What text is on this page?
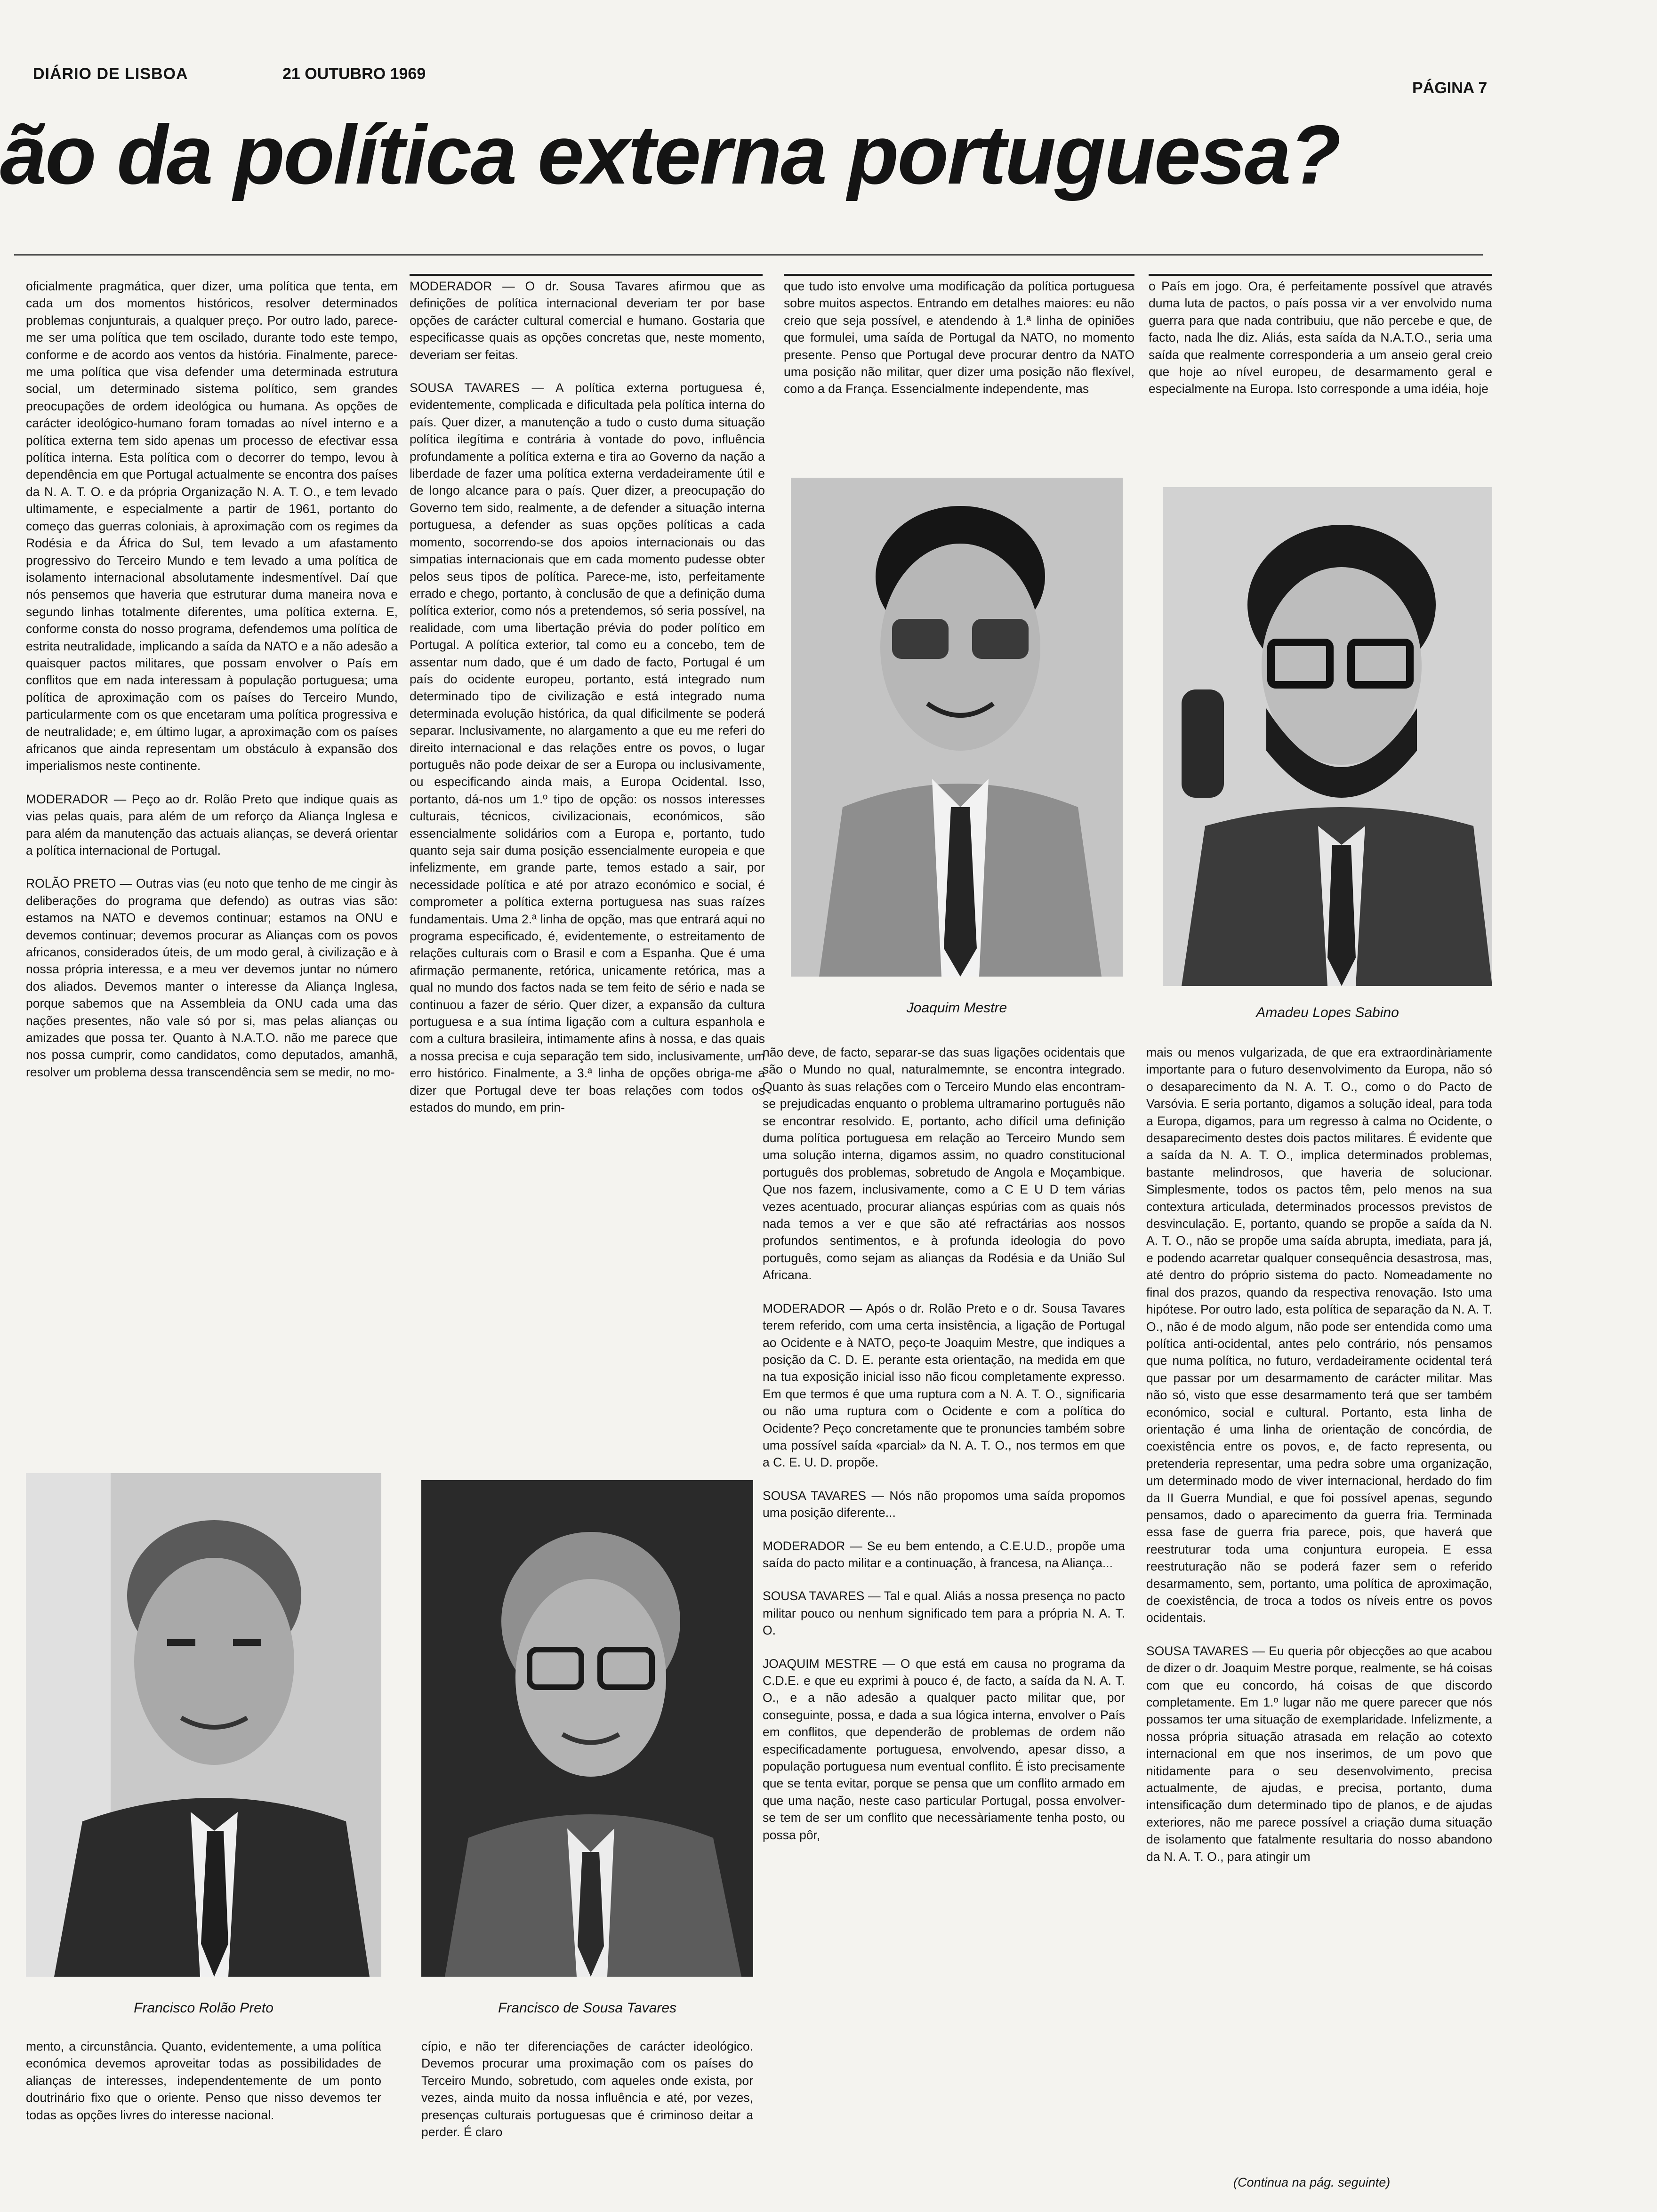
DIÁRIO DE LISBOA	21 OUTUBRO 1969
PÁGINA 7
ão da política externa portuguesa?

oficialmente pragmática, quer dizer, uma política que tenta, em cada um dos momentos históricos, resolver determinados problemas conjunturais, a qualquer preço. Por outro lado, parece-me ser uma política que tem oscilado, durante todo este tempo, conforme e de acordo aos ventos da história. Finalmente, parece-me uma política que visa defender uma determinada estrutura social, um determinado sistema político, sem grandes preocupações de ordem ideológica ou humana. As opções de carácter ideológico-humano foram tomadas ao nível interno e a política externa tem sido apenas um processo de efectivar essa política interna. Esta política com o decorrer do tempo, levou à dependência em que Portugal actualmente se encontra dos países da N. A. T. O. e da própria Organização N. A. T. O., e tem levado ultimamente, e especialmente a partir de 1961, portanto do começo das guerras coloniais, à aproximação com os regimes da Rodésia e da África do Sul, tem levado a um afastamento progressivo do Terceiro Mundo e tem levado a uma política de isolamento internacional absolutamente indesmentível. Daí que nós pensemos que haveria que estruturar duma maneira nova e segundo linhas totalmente diferentes, uma política externa. E, conforme consta do nosso programa, defendemos uma política de estrita neutralidade, implicando a saída da NATO e a não adesão a quaisquer pactos militares, que possam envolver o País em conflitos que em nada interessam à população portuguesa; uma política de aproximação com os países do Terceiro Mundo, particularmente com os que encetaram uma política progressiva e de neutralidade; e, em último lugar, a aproximação com os países africanos que ainda representam um obstáculo à expansão dos imperialismos neste continente.

MODERADOR — Peço ao dr. Rolão Preto que indique quais as vias pelas quais, para além de um reforço da Aliança Inglesa e para além da manutenção das actuais alianças, se deverá orientar a política internacional de Portugal.

ROLÃO PRETO — Outras vias (eu noto que tenho de me cingir às deliberações do programa que defendo) as outras vias são: estamos na NATO e devemos continuar; estamos na ONU e devemos continuar; devemos procurar as Alianças com os povos africanos, considerados úteis, de um modo geral, à civilização e à nossa própria interessa, e a meu ver devemos juntar no número dos aliados. Devemos manter o interesse da Aliança Inglesa, porque sabemos que na Assembleia da ONU cada uma das nações presentes, não vale só por si, mas pelas alianças ou amizades que possa ter. Quanto à N.A.T.O. não me parece que nos possa cumprir, como candidatos, como deputados, amanhã, resolver um problema dessa transcendência sem se medir, no mo-

MODERADOR — O dr. Sousa Tavares afirmou que as definições de política internacional deveriam ter por base opções de carácter cultural comercial e humano. Gostaria que especificasse quais as opções concretas que, neste momento, deveriam ser feitas.

SOUSA TAVARES — A política externa portuguesa é, evidentemente, complicada e dificultada pela política interna do país. Quer dizer, a manutenção a tudo o custo duma situação política ilegítima e contrária à vontade do povo, influência profundamente a política externa e tira ao Governo da nação a liberdade de fazer uma política externa verdadeiramente útil e de longo alcance para o país. Quer dizer, a preocupação do Governo tem sido, realmente, a de defender a situação interna portuguesa, a defender as suas opções políticas a cada momento, socorrendo-se dos apoios internacionais ou das simpatias internacionais que em cada momento pudesse obter pelos seus tipos de política. Parece-me, isto, perfeitamente errado e chego, portanto, à conclusão de que a definição duma política exterior, como nós a pretendemos, só seria possível, na realidade, com uma libertação prévia do poder político em Portugal. A política exterior, tal como eu a concebo, tem de assentar num dado, que é um dado de facto, Portugal é um país do ocidente europeu, portanto, está integrado num determinado tipo de civilização e está integrado numa determinada evolução histórica, da qual dificilmente se poderá separar. Inclusivamente, no alargamento a que eu me referi do direito internacional e das relações entre os povos, o lugar português não pode deixar de ser a Europa ou inclusivamente, ou especificando ainda mais, a Europa Ocidental. Isso, portanto, dá-nos um 1.º tipo de opção: os nossos interesses culturais, técnicos, civilizacionais, económicos, são essencialmente solidários com a Europa e, portanto, tudo quanto seja sair duma posição essencialmente europeia e que infelizmente, em grande parte, temos estado a sair, por necessidade política e até por atrazo económico e social, é comprometer a política externa portuguesa nas suas raízes fundamentais. Uma 2.ª linha de opção, mas que entrará aqui no programa especificado, é, evidentemente, o estreitamento de relações culturais com o Brasil e com a Espanha. Que é uma afirmação permanente, retórica, unicamente retórica, mas a qual no mundo dos factos nada se tem feito de sério e nada se continuou a fazer de sério. Quer dizer, a expansão da cultura portuguesa e a sua íntima ligação com a cultura espanhola e com a cultura brasileira, intimamente afins à nossa, e das quais a nossa precisa e cuja separação tem sido, inclusivamente, um erro histórico. Finalmente, a 3.ª linha de opções obriga-me a dizer que Portugal deve ter boas relações com todos os estados do mundo, em prin-

que tudo isto envolve uma modificação da política portuguesa sobre muitos aspectos. Entrando em detalhes maiores: eu não creio que seja possível, e atendendo à 1.ª linha de opiniões que formulei, uma saída de Portugal da NATO, no momento presente. Penso que Portugal deve procurar dentro da NATO uma posição não militar, quer dizer uma posição não flexível, como a da França. Essencialmente independente, mas

o País em jogo. Ora, é perfeitamente possível que através duma luta de pactos, o país possa vir a ver envolvido numa guerra para que nada contribuiu, que não percebe e que, de facto, nada lhe diz. Aliás, esta saída da N.A.T.O., seria uma saída que realmente corresponderia a um anseio geral creio que hoje ao nível europeu, de desarmamento geral e especialmente na Europa. Isto corresponde a uma idéia, hoje

Joaquim Mestre	Amadeu Lopes Sabino

não deve, de facto, separar-se das suas ligações ocidentais que são o Mundo no qual, naturalmemnte, se encontra integrado. Quanto às suas relações com o Terceiro Mundo elas encontram-se prejudicadas enquanto o problema ultramarino português não se encontrar resolvido. E, portanto, acho difícil uma definição duma política portuguesa em relação ao Terceiro Mundo sem uma solução interna, digamos assim, no quadro constitucional português dos problemas, sobretudo de Angola e Moçambique. Que nos fazem, inclusivamente, como a C E U D tem várias vezes acentuado, procurar alianças espúrias com as quais nós nada temos a ver e que são até refractárias aos nossos profundos sentimentos, e à profunda ideologia do povo português, como sejam as alianças da Rodésia e da União Sul Africana.

MODERADOR — Após o dr. Rolão Preto e o dr. Sousa Tavares terem referido, com uma certa insistência, a ligação de Portugal ao Ocidente e à NATO, peço-te Joaquim Mestre, que indiques a posição da C. D. E. perante esta orientação, na medida em que na tua exposição inicial isso não ficou completamente expresso. Em que termos é que uma ruptura com a N. A. T. O., significaria ou não uma ruptura com o Ocidente e com a política do Ocidente? Peço concretamente que te pronuncies também sobre uma possível saída «parcial» da N. A. T. O., nos termos em que a C. E. U. D. propõe.

SOUSA TAVARES — Nós não propomos uma saída propomos uma posição diferente...

MODERADOR — Se eu bem entendo, a C.E.U.D., propõe uma saída do pacto militar e a continuação, à francesa, na Aliança...

SOUSA TAVARES — Tal e qual. Aliás a nossa presença no pacto militar pouco ou nenhum significado tem para a própria N. A. T. O.

JOAQUIM MESTRE — O que está em causa no programa da C.D.E. e que eu exprimi à pouco é, de facto, a saída da N. A. T. O., e a não adesão a qualquer pacto militar que, por conseguinte, possa, e dada a sua lógica interna, envolver o País em conflitos, que dependerão de problemas de ordem não especificadamente portuguesa, envolvendo, apesar disso, a população portuguesa num eventual conflito. É isto precisamente que se tenta evitar, porque se pensa que um conflito armado em que uma nação, neste caso particular Portugal, possa envolver-se tem de ser um conflito que necessàriamente tenha posto, ou possa pôr,

mais ou menos vulgarizada, de que era extraordinàriamente importante para o futuro desenvolvimento da Europa, não só o desaparecimento da N. A. T. O., como o do Pacto de Varsóvia. E seria portanto, digamos a solução ideal, para toda a Europa, digamos, para um regresso à calma no Ocidente, o desaparecimento destes dois pactos militares. É evidente que a saída da N. A. T. O., implica determinados problemas, bastante melindrosos, que haveria de solucionar. Simplesmente, todos os pactos têm, pelo menos na sua contextura articulada, determinados processos previstos de desvinculação. E, portanto, quando se propõe a saída da N. A. T. O., não se propõe uma saída abrupta, imediata, para já, e podendo acarretar qualquer consequência desastrosa, mas, até dentro do próprio sistema do pacto. Nomeadamente no final dos prazos, quando da respectiva renovação. Isto uma hipótese. Por outro lado, esta política de separação da N. A. T. O., não é de modo algum, não pode ser entendida como uma política anti-ocidental, antes pelo contrário, nós pensamos que numa política, no futuro, verdadeiramente ocidental terá que passar por um desarmamento de carácter militar. Mas não só, visto que esse desarmamento terá que ser também económico, social e cultural. Portanto, esta linha de orientação é uma linha de orientação de concórdia, de coexistência entre os povos, e, de facto representa, ou pretenderia representar, uma pedra sobre uma organização, um determinado modo de viver internacional, herdado do fim da II Guerra Mundial, e que foi possível apenas, segundo pensamos, dado o aparecimento da guerra fria. Terminada essa fase de guerra fria parece, pois, que haverá que reestruturar toda uma conjuntura europeia. E essa reestruturação não se poderá fazer sem o referido desarmamento, sem, portanto, uma política de aproximação, de coexistência, de troca a todos os níveis entre os povos ocidentais.

SOUSA TAVARES — Eu queria pôr objecções ao que acabou de dizer o dr. Joaquim Mestre porque, realmente, se há coisas com que eu concordo, há coisas de que discordo completamente. Em 1.º lugar não me quere parecer que nós possamos ter uma situação de exemplaridade. Infelizmente, a nossa própria situação atrasada em relação ao cotexto internacional em que nos inserimos, de um povo que nitidamente para o seu desenvolvimento, precisa actualmente, de ajudas, e precisa, portanto, duma intensificação dum determinado tipo de planos, e de ajudas exteriores, não me parece possível a criação duma situação de isolamento que fatalmente resultaria do nosso abandono da N. A. T. O., para atingir um

Francisco Rolão Preto	Francisco de Sousa Tavares

mento, a circunstância. Quanto, evidentemente, a uma política económica devemos aproveitar todas as possibilidades de alianças de interesses, independentemente de um ponto doutrinário fixo que o oriente. Penso que nisso devemos ter todas as opções livres do interesse nacional.

cípio, e não ter diferenciações de carácter ideológico. Devemos procurar uma proximação com os países do Terceiro Mundo, sobretudo, com aqueles onde exista, por vezes, ainda muito da nossa influência e até, por vezes, presenças culturais portuguesas que é criminoso deitar a perder. É claro

(Continua na pág. seguinte)
